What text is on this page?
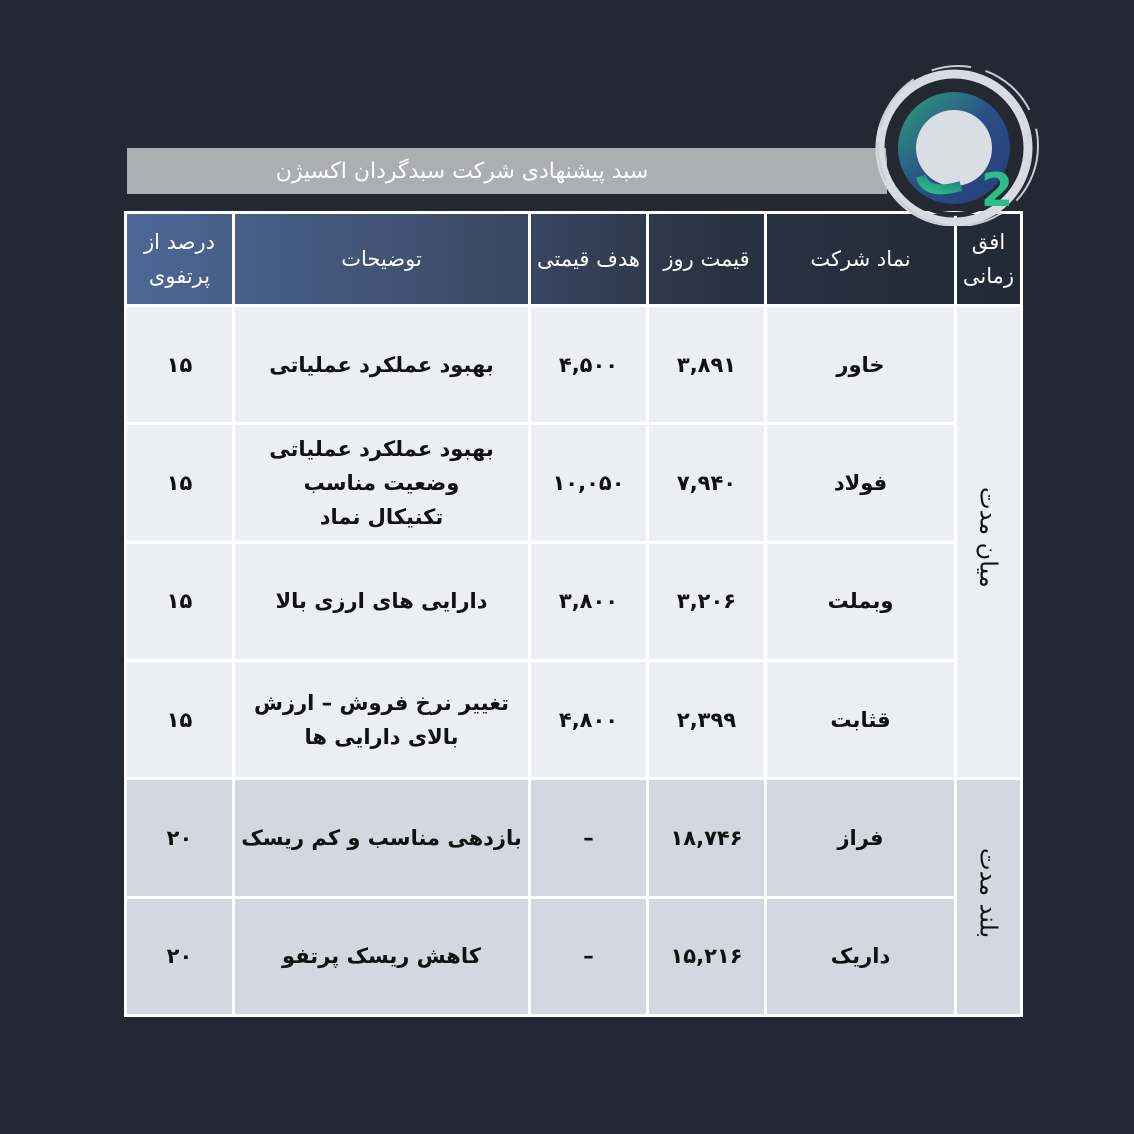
سبد پیشنهادی شرکت سبدگردان اکسیژن	2
افق زمانی	نماد شرکت	قیمت روز	هدف قیمتی	توضیحات	درصد از پرتفوی
میان مدت	خاور	۳,۸۹۱	۴,۵۰۰	بهبود عملکرد عملیاتی	۱۵
	فولاد	۷,۹۴۰	۱۰,۰۵۰	بهبود عملکرد عملیاتی وضعیت مناسب تکنیکال نماد	۱۵
	وبملت	۳,۲۰۶	۳,۸۰۰	دارایی های ارزی بالا	۱۵
	قثابت	۲,۳۹۹	۴,۸۰۰	تغییر نرخ فروش – ارزش بالای دارایی ها	۱۵
بلند مدت	فراز	۱۸,۷۴۶	–	بازدهی مناسب و کم ریسک	۲۰
	داریک	۱۵,۲۱۶	–	کاهش ریسک پرتفو	۲۰
